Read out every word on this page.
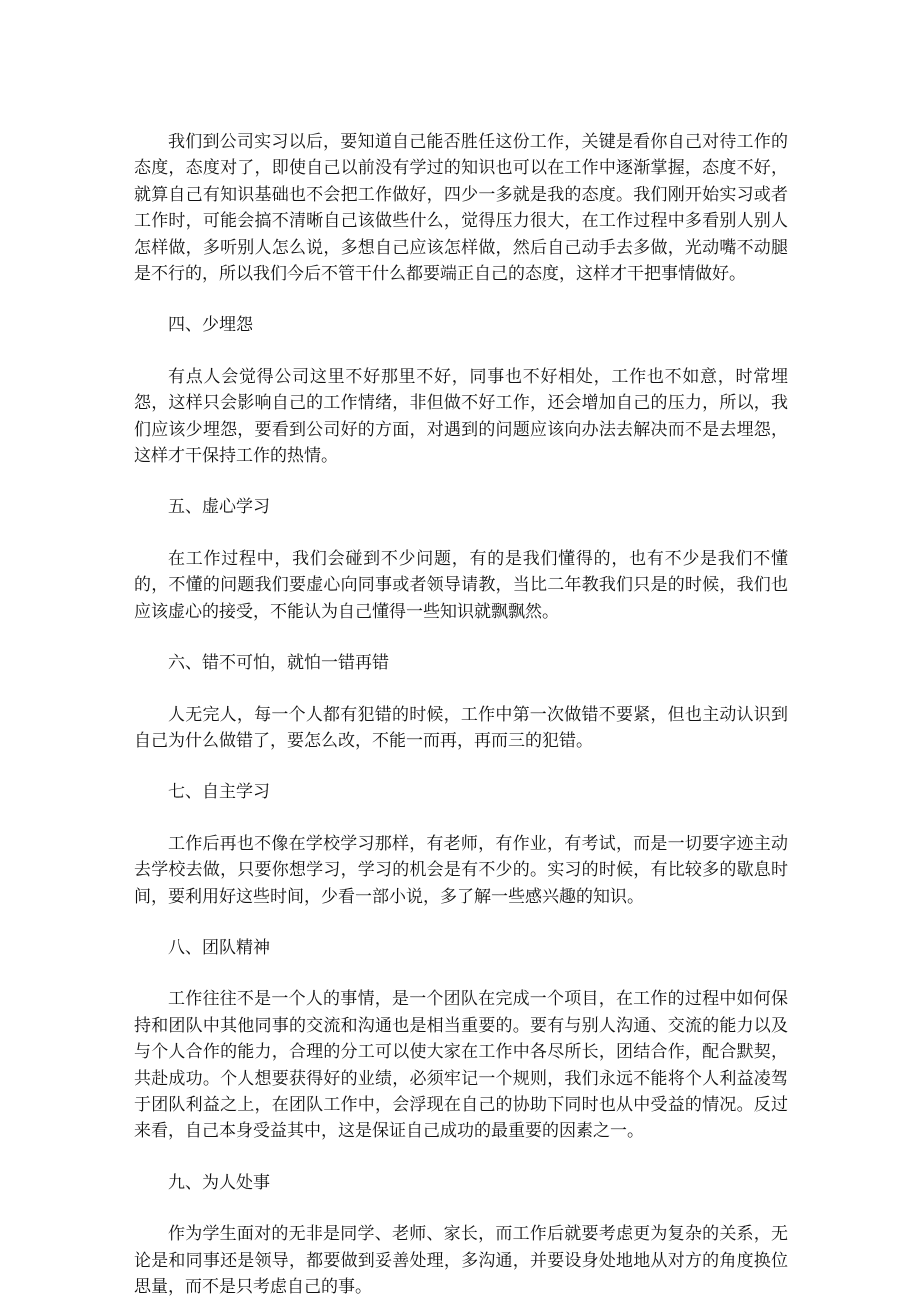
我们到公司实习以后，要知道自己能否胜任这份工作，关键是看你自己对待工作的态度，态度对了，即使自己以前没有学过的知识也可以在工作中逐渐掌握，态度不好，就算自己有知识基础也不会把工作做好，四少一多就是我的态度。我们刚开始实习或者工作时，可能会搞不清晰自己该做些什么，觉得压力很大，在工作过程中多看别人别人怎样做，多听别人怎么说，多想自己应该怎样做，然后自己动手去多做，光动嘴不动腿是不行的，所以我们今后不管干什么都要端正自己的态度，这样才干把事情做好。

四、少埋怨

有点人会觉得公司这里不好那里不好，同事也不好相处，工作也不如意，时常埋怨，这样只会影响自己的工作情绪，非但做不好工作，还会增加自己的压力，所以，我们应该少埋怨，要看到公司好的方面，对遇到的问题应该向办法去解决而不是去埋怨，这样才干保持工作的热情。

五、虚心学习

在工作过程中，我们会碰到不少问题，有的是我们懂得的，也有不少是我们不懂的，不懂的问题我们要虚心向同事或者领导请教，当比二年教我们只是的时候，我们也应该虚心的接受，不能认为自己懂得一些知识就飘飘然。

六、错不可怕，就怕一错再错

人无完人，每一个人都有犯错的时候，工作中第一次做错不要紧，但也主动认识到自己为什么做错了，要怎么改，不能一而再，再而三的犯错。

七、自主学习

工作后再也不像在学校学习那样，有老师，有作业，有考试，而是一切要字迹主动去学校去做，只要你想学习，学习的机会是有不少的。实习的时候，有比较多的歇息时间，要利用好这些时间，少看一部小说，多了解一些感兴趣的知识。

八、团队精神

工作往往不是一个人的事情，是一个团队在完成一个项目，在工作的过程中如何保持和团队中其他同事的交流和沟通也是相当重要的。要有与别人沟通、交流的能力以及与个人合作的能力，合理的分工可以使大家在工作中各尽所长，团结合作，配合默契，共赴成功。个人想要获得好的业绩，必须牢记一个规则，我们永远不能将个人利益凌驾于团队利益之上，在团队工作中，会浮现在自己的协助下同时也从中受益的情况。反过来看，自己本身受益其中，这是保证自己成功的最重要的因素之一。

九、为人处事

作为学生面对的无非是同学、老师、家长，而工作后就要考虑更为复杂的关系，无论是和同事还是领导，都要做到妥善处理，多沟通，并要设身处地地从对方的角度换位思量，而不是只考虑自己的事。
